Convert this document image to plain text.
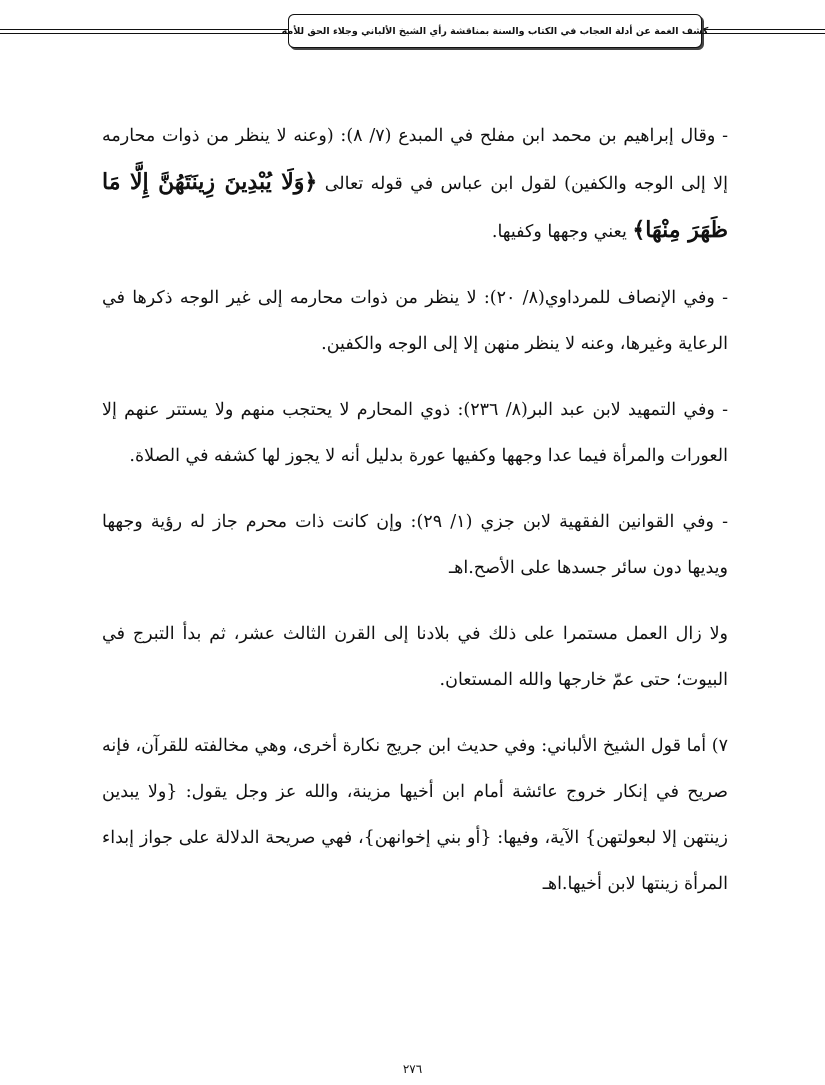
كشف الغمة عن أدلة العجاب في الكتاب والسنة بمناقشة رأي الشيخ الألباني وجلاء الحق للأمة

- وقال إبراهيم بن محمد ابن مفلح في المبدع (٧/ ٨): (وعنه لا ينظر من ذوات محارمه إلا إلى الوجه والكفين) لقول ابن عباس في قوله تعالى ﴿وَلَا يُبْدِينَ زِينَتَهُنَّ إِلَّا مَا ظَهَرَ مِنْهَا﴾ يعني وجهها وكفيها.

- وفي الإنصاف للمرداوي(٨/ ٢٠): لا ينظر من ذوات محارمه إلى غير الوجه ذكرها في الرعاية وغيرها، وعنه لا ينظر منهن إلا إلى الوجه والكفين.

- وفي التمهيد لابن عبد البر(٨/ ٢٣٦): ذوي المحارم لا يحتجب منهم ولا يستتر عنهم إلا العورات والمرأة فيما عدا وجهها وكفيها عورة بدليل أنه لا يجوز لها كشفه في الصلاة.

- وفي القوانين الفقهية لابن جزي (١/ ٢٩): وإن كانت ذات محرم جاز له رؤية وجهها ويديها دون سائر جسدها على الأصح.اهـ

ولا زال العمل مستمرا على ذلك في بلادنا إلى القرن الثالث عشر، ثم بدأ التبرج في البيوت؛ حتى عمّ خارجها والله المستعان.

٧) أما قول الشيخ الألباني: وفي حديث ابن جريج نكارة أخرى، وهي مخالفته للقرآن، فإنه صريح في إنكار خروج عائشة أمام ابن أخيها مزينة، والله عز وجل يقول: {ولا يبدين زينتهن إلا لبعولتهن} الآية، وفيها: {أو بني إخوانهن}، فهي صريحة الدلالة على جواز إبداء المرأة زينتها لابن أخيها.اهـ

٢٧٦
